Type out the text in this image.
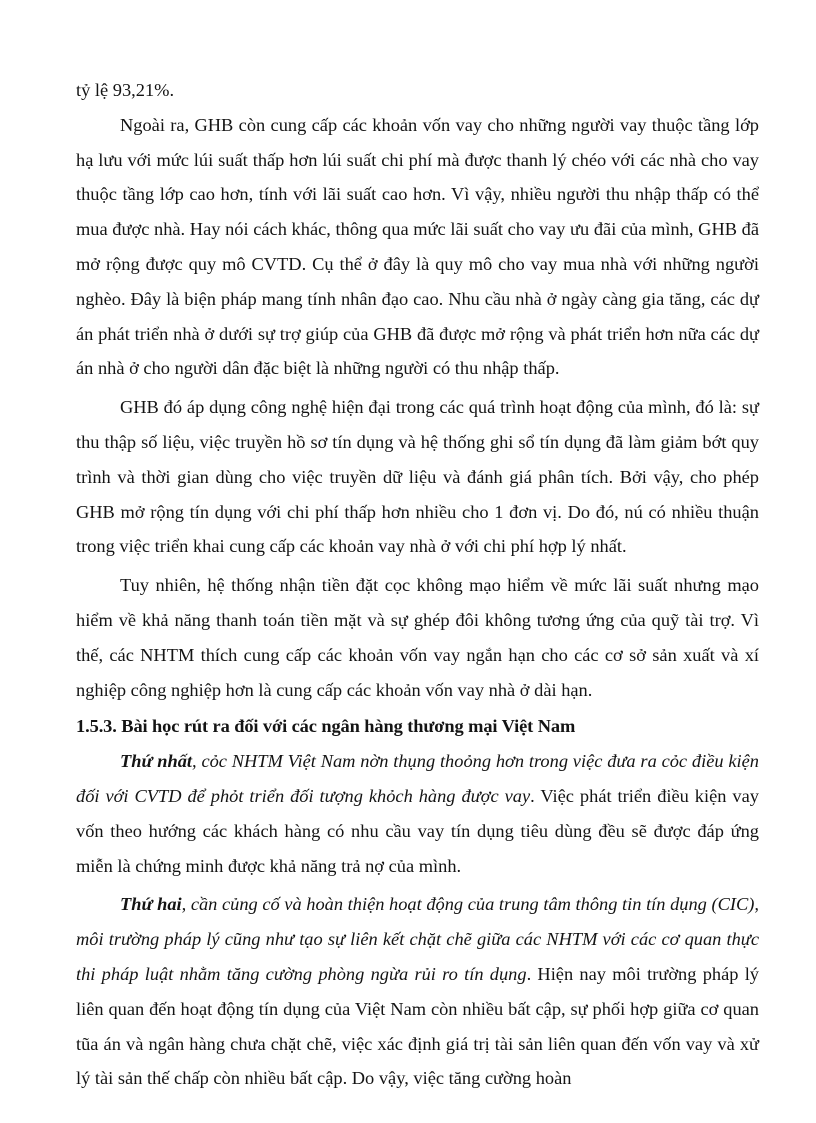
tỷ lệ 93,21%.

Ngoài ra, GHB còn cung cấp các khoản vốn vay cho những người vay thuộc tầng lớp hạ lưu với mức lúi suất thấp hơn lúi suất chi phí mà được thanh lý chéo với các nhà cho vay thuộc tầng lớp cao hơn, tính với lãi suất cao hơn. Vì vậy, nhiều người thu nhập thấp có thể mua được nhà. Hay nói cách khác, thông qua mức lãi suất cho vay ưu đãi của mình, GHB đã mở rộng được quy mô CVTD. Cụ thể ở đây là quy mô cho vay mua nhà với những người nghèo. Đây là biện pháp mang tính nhân đạo cao. Nhu cầu nhà ở ngày càng gia tăng, các dự án phát triển nhà ở dưới sự trợ giúp của GHB đã được mở rộng và phát triển hơn nữa các dự án nhà ở cho người dân đặc biệt là những người có thu nhập thấp.

GHB đó áp dụng công nghệ hiện đại trong các quá trình hoạt động của mình, đó là: sự thu thập số liệu, việc truyền hồ sơ tín dụng và hệ thống ghi sổ tín dụng đã làm giảm bớt quy trình và thời gian dùng cho việc truyền dữ liệu và đánh giá phân tích. Bởi vậy, cho phép GHB mở rộng tín dụng với chi phí thấp hơn nhiều cho 1 đơn vị. Do đó, nú có nhiều thuận trong việc triển khai cung cấp các khoản vay nhà ở với chi phí hợp lý nhất.

Tuy nhiên, hệ thống nhận tiền đặt cọc không mạo hiểm về mức lãi suất nhưng mạo hiểm về khả năng thanh toán tiền mặt và sự ghép đôi không tương ứng của quỹ tài trợ. Vì thế, các NHTM thích cung cấp các khoản vốn vay ngắn hạn cho các cơ sở sản xuất và xí nghiệp công nghiệp hơn là cung cấp các khoản vốn vay nhà ở dài hạn.

1.5.3. Bài học rút ra đối với các ngân hàng thương mại Việt Nam

Thứ nhất, cỏc NHTM Việt Nam nờn thụng thoỏng hơn trong việc đưa ra cỏc điều kiện đối với CVTD để phỏt triển đối tượng khỏch hàng được vay. Việc phát triển điều kiện vay vốn theo hướng các khách hàng có nhu cầu vay tín dụng tiêu dùng đều sẽ được đáp ứng miễn là chứng minh được khả năng trả nợ của mình.

Thứ hai, cần củng cố và hoàn thiện hoạt động của trung tâm thông tin tín dụng (CIC), môi trường pháp lý cũng như tạo sự liên kết chặt chẽ giữa các NHTM với các cơ quan thực thi pháp luật nhằm tăng cường phòng ngừa rủi ro tín dụng. Hiện nay môi trường pháp lý liên quan đến hoạt động tín dụng của Việt Nam còn nhiều bất cập, sự phối hợp giữa cơ quan tũa án và ngân hàng chưa chặt chẽ, việc xác định giá trị tài sản liên quan đến vốn vay và xử lý tài sản thế chấp còn nhiều bất cập. Do vậy, việc tăng cường hoàn
